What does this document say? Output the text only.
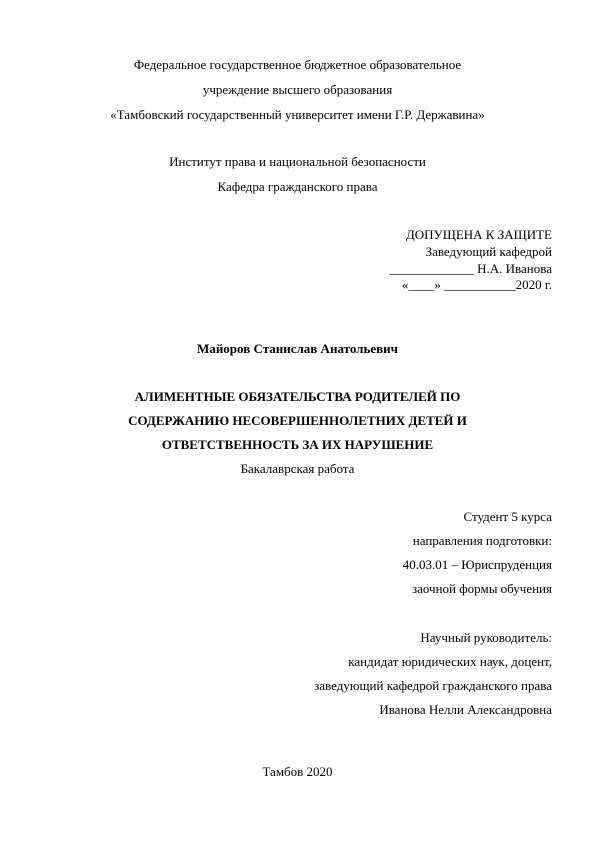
Федеральное государственное бюджетное образовательное
учреждение высшего образования
«Тамбовский государственный университет имени Г.Р. Державина»
Институт права и национальной безопасности
Кафедра гражданского права
ДОПУЩЕНА К ЗАЩИТЕ
Заведующий кафедрой
_____________ Н.А. Иванова
«____» ___________2020 г.
Майоров Станислав Анатольевич
АЛИМЕНТНЫЕ ОБЯЗАТЕЛЬСТВА РОДИТЕЛЕЙ ПО
СОДЕРЖАНИЮ НЕСОВЕРШЕННОЛЕТНИХ ДЕТЕЙ И
ОТВЕТСТВЕННОСТЬ ЗА ИХ НАРУШЕНИЕ
Бакалаврская работа
Студент 5 курса
направления подготовки:
40.03.01 – Юриспруденция
заочной формы обучения
Научный руководитель:
кандидат юридических наук, доцент,
заведующий кафедрой гражданского права
Иванова Нелли Александровна
Тамбов 2020
